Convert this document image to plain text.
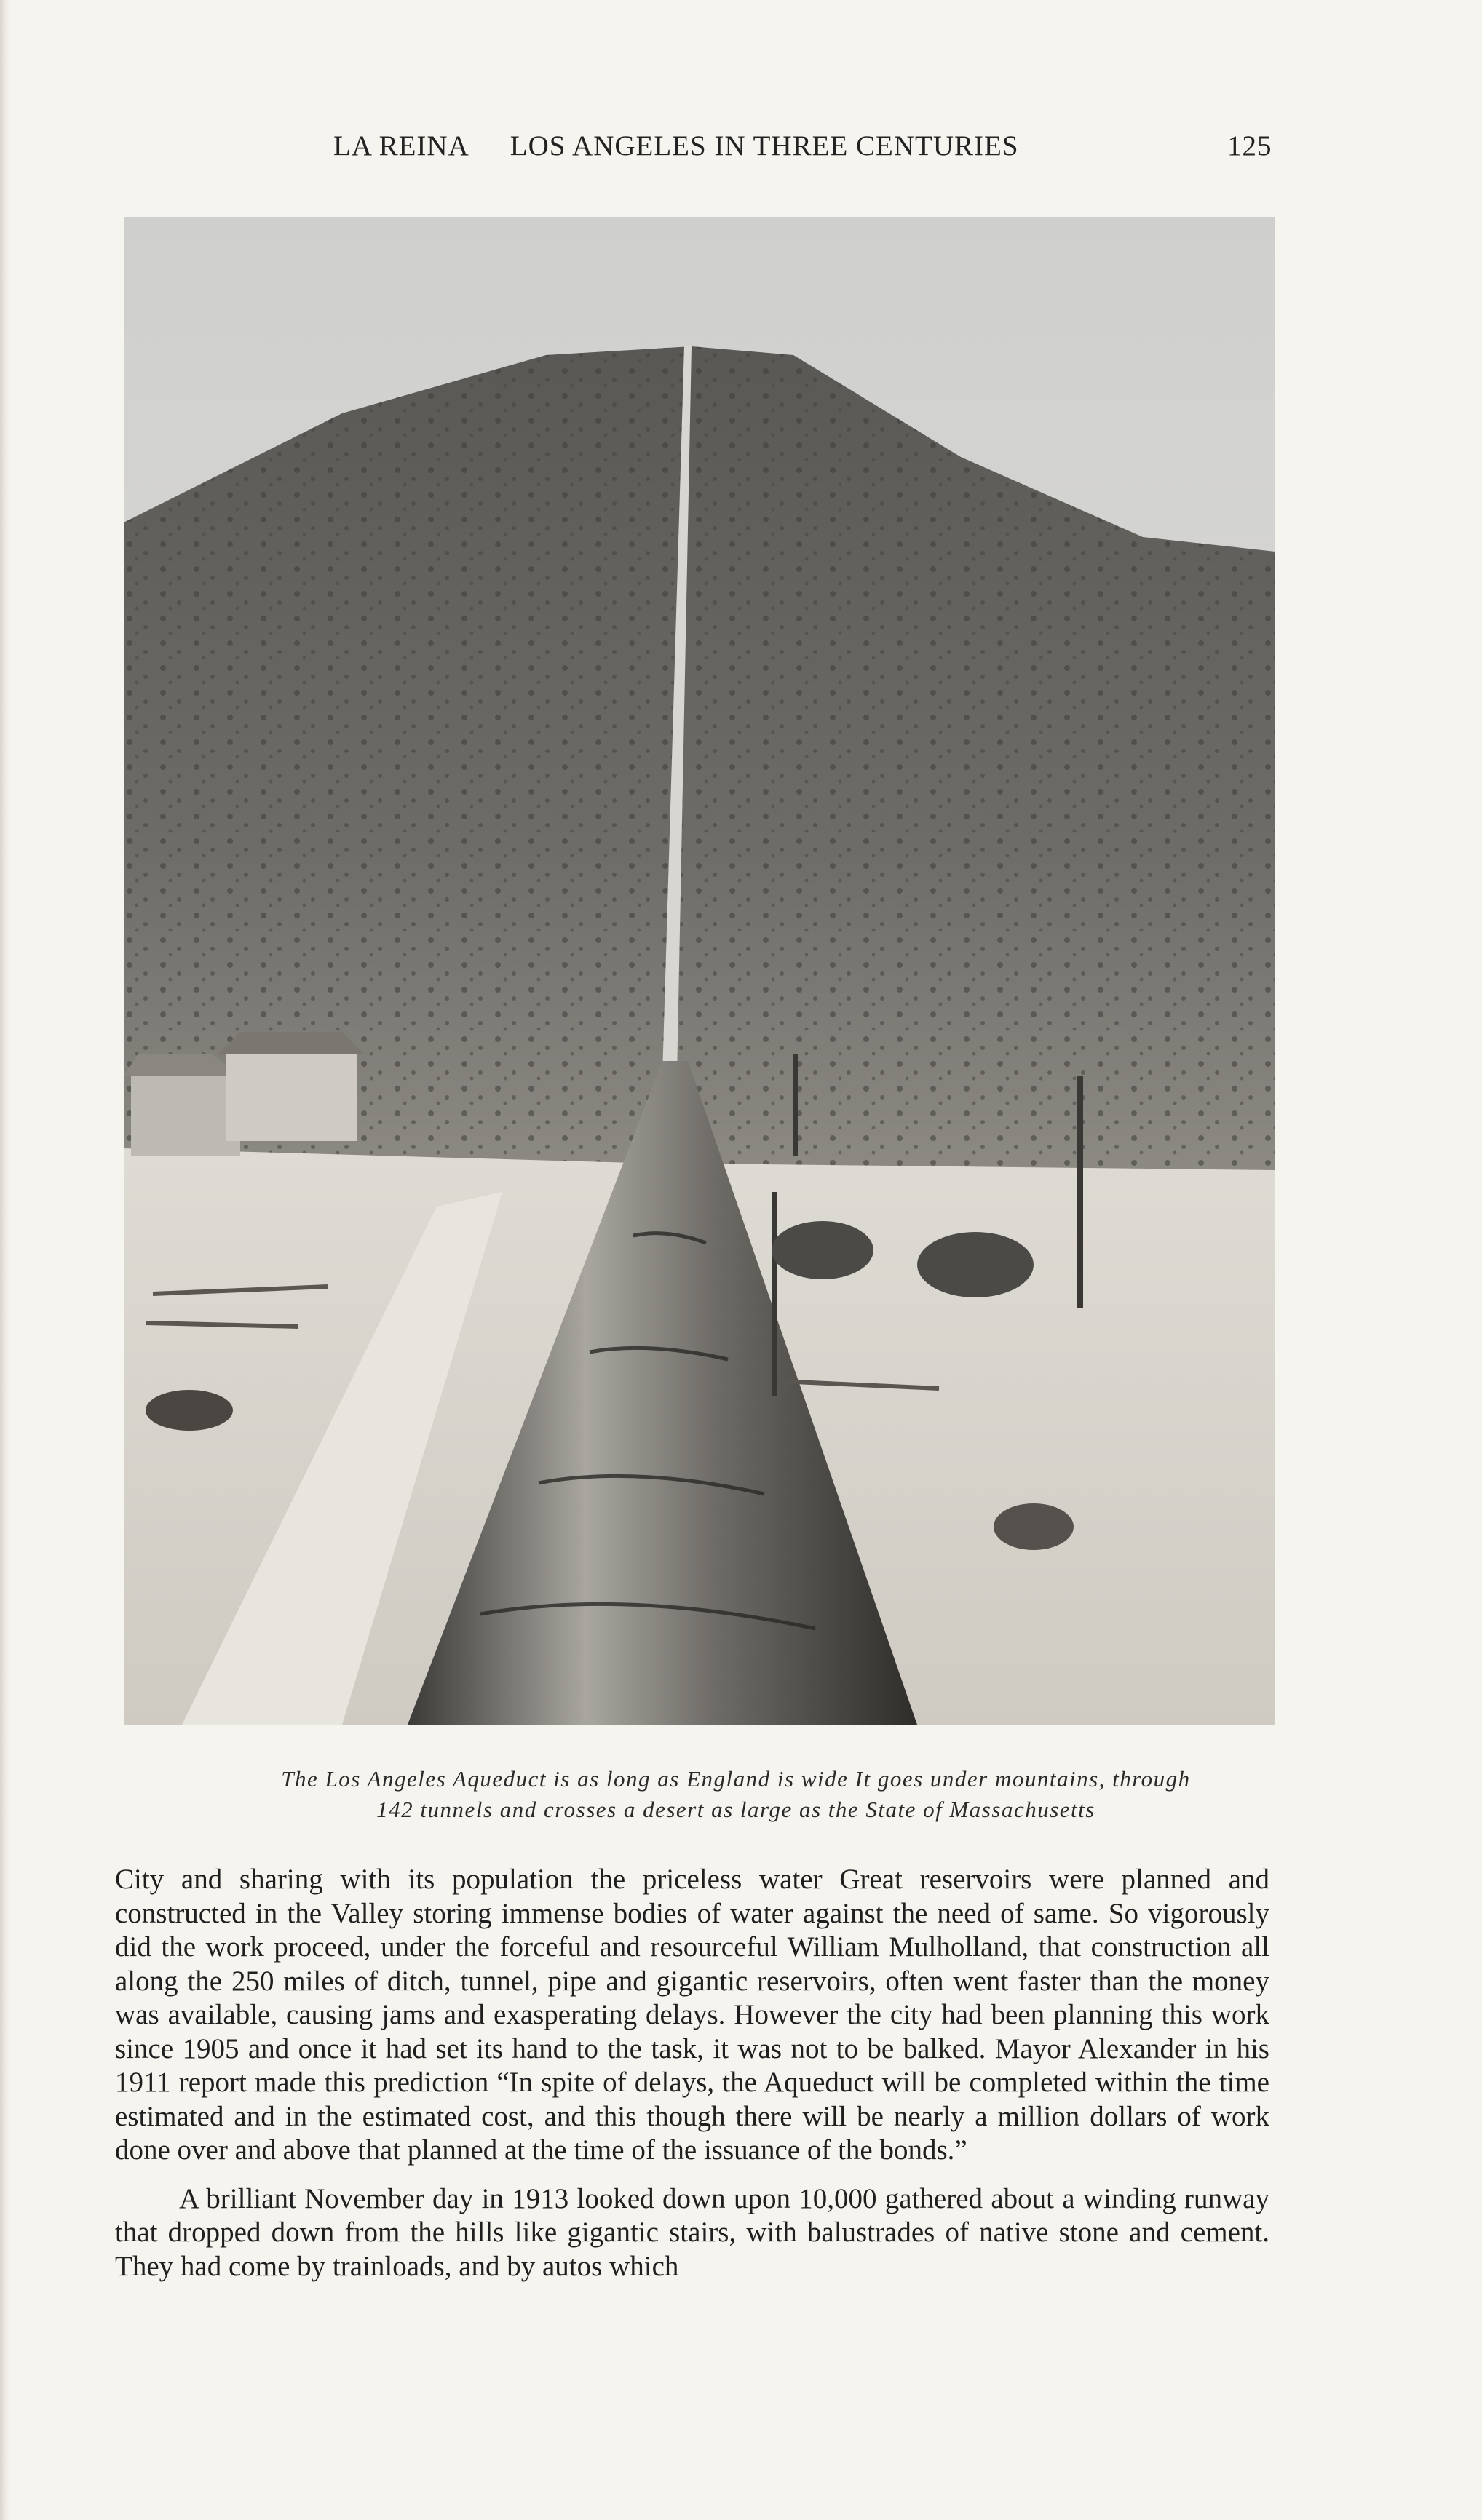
LA REINA LOS ANGELES IN THREE CENTURIES	125
The Los Angeles Aqueduct is as long as England is wide It goes under mountains, through
142 tunnels and crosses a desert as large as the State of Massachusetts

City and sharing with its population the priceless water Great reservoirs were planned and constructed in the Valley storing immense bodies of water against the need of same. So vigorously did the work proceed, under the forceful and resourceful William Mulholland, that construction all along the 250 miles of ditch, tunnel, pipe and gigantic reservoirs, often went faster than the money was available, causing jams and exasperating delays. However the city had been planning this work since 1905 and once it had set its hand to the task, it was not to be balked. Mayor Alexander in his 1911 report made this prediction “In spite of delays, the Aqueduct will be completed within the time estimated and in the estimated cost, and this though there will be nearly a million dollars of work done over and above that planned at the time of the issuance of the bonds.”

A brilliant November day in 1913 looked down upon 10,000 gathered about a winding runway that dropped down from the hills like gigantic stairs, with balustrades of native stone and cement. They had come by trainloads, and by autos which
